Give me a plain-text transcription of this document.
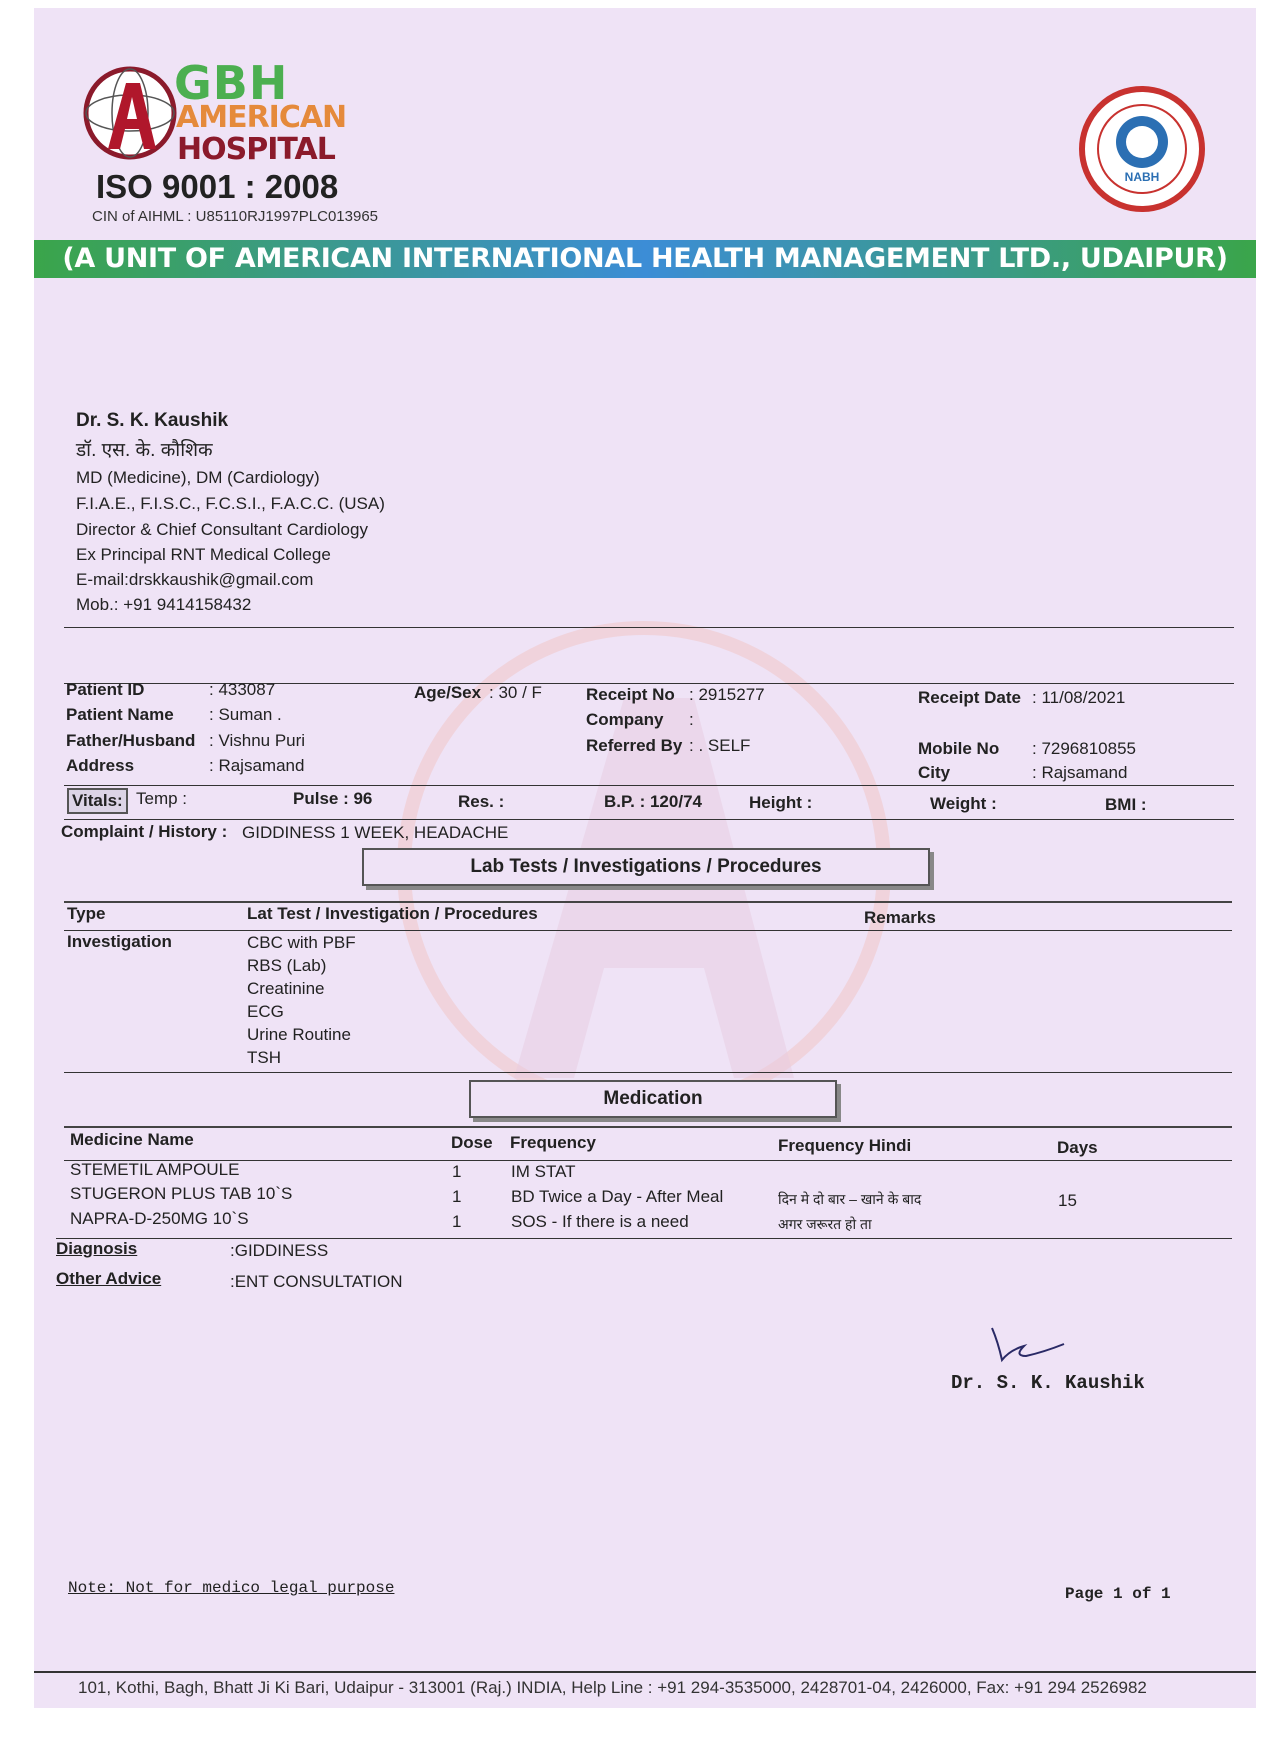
GBH
AMERICAN
HOSPITAL
ISO 9001 : 2008
CIN of AIHML : U85110RJ1997PLC013965
NABH
(A UNIT OF AMERICAN INTERNATIONAL HEALTH MANAGEMENT LTD., UDAIPUR)
Dr. S. K. Kaushik
डॉ. एस. के. कौशिक
MD (Medicine), DM (Cardiology)
F.I.A.E., F.I.S.C., F.C.S.I., F.A.C.C. (USA)
Director & Chief Consultant Cardiology
Ex Principal RNT Medical College
E-mail:drskkaushik@gmail.com
Mob.: +91 9414158432
Patient ID	: 433087
Patient Name : Suman .
Father/Husband : Vishnu Puri
Address	: Rajsamand
Age/Sex : 30 / F	Receipt No : 2915277
Company :
Referred By : . SELF
Receipt Date : 11/08/2021
Mobile No : 7296810855
City	: Rajsamand
Vitals: Temp :	Pulse : 96	Res. :	B.P. : 120/74	Height :	Weight :	BMI :
Complaint / History : GIDDINESS 1 WEEK, HEADACHE
Lab Tests / Investigations / Procedures
Type	Lat Test / Investigation / Procedures	Remarks
Investigation	CBC with PBF
RBS (Lab)
Creatinine
ECG
Urine Routine
TSH
Medication
Medicine Name	Dose Frequency	Frequency Hindi	Days
STEMETIL AMPOULE	1	IM STAT
STUGERON PLUS TAB 10`S	1	BD Twice a Day - After Meal	दिन मे दो बार – खाने के बाद	15
NAPRA-D-250MG 10`S	1	SOS - If there is a need	अगर जरूरत हो ता
Diagnosis	:GIDDINESS
Other Advice	:ENT CONSULTATION
Dr. S. K. Kaushik
Note: Not for medico legal purpose	Page 1 of 1
101, Kothi, Bagh, Bhatt Ji Ki Bari, Udaipur - 313001 (Raj.) INDIA, Help Line : +91 294-3535000, 2428701-04, 2426000, Fax: +91 294 2526982
